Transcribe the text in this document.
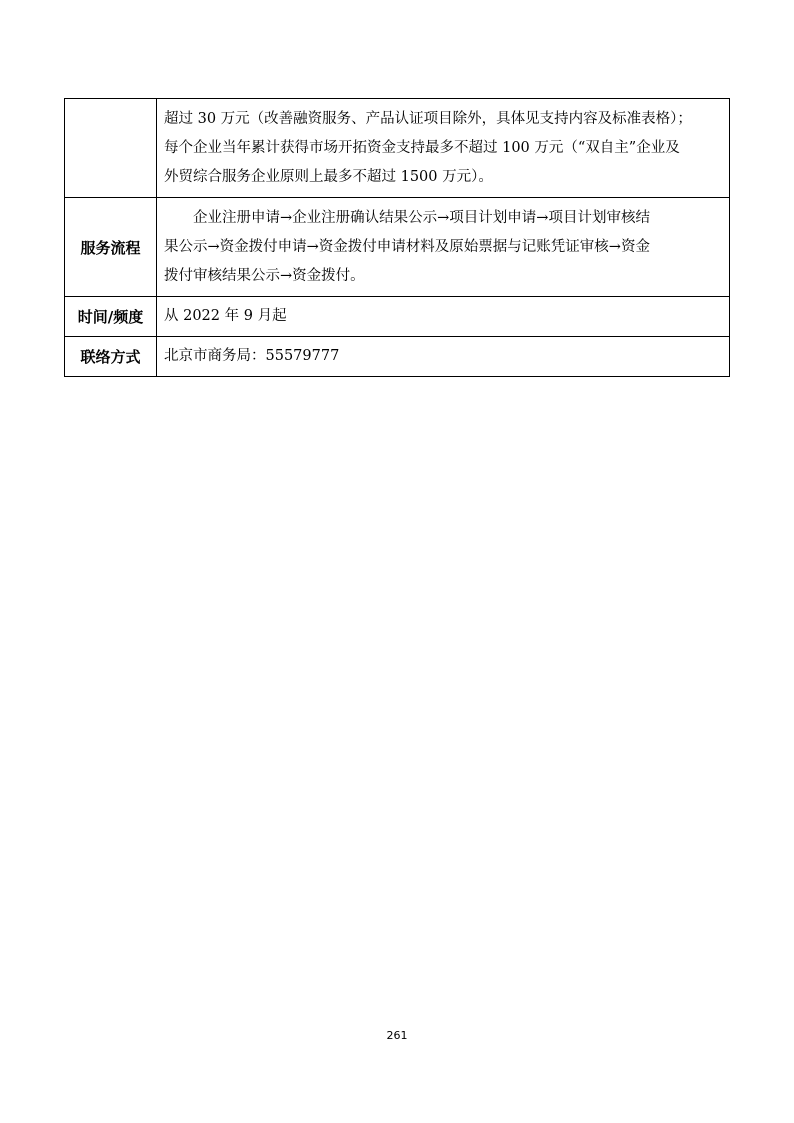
	超过 30 万元（改善融资服务、产品认证项目除外，具体见支持内容及标准表格）；
每个企业当年累计获得市场开拓资金支持最多不超过 100 万元（“双自主”企业及
外贸综合服务企业原则上最多不超过 1500 万元）。

服务流程	企业注册申请→企业注册确认结果公示→项目计划申请→项目计划审核结
果公示→资金拨付申请→资金拨付申请材料及原始票据与记账凭证审核→资金
拨付审核结果公示→资金拨付。

时间/频度	从 2022 年 9 月起

联络方式	北京市商务局：55579777
261
